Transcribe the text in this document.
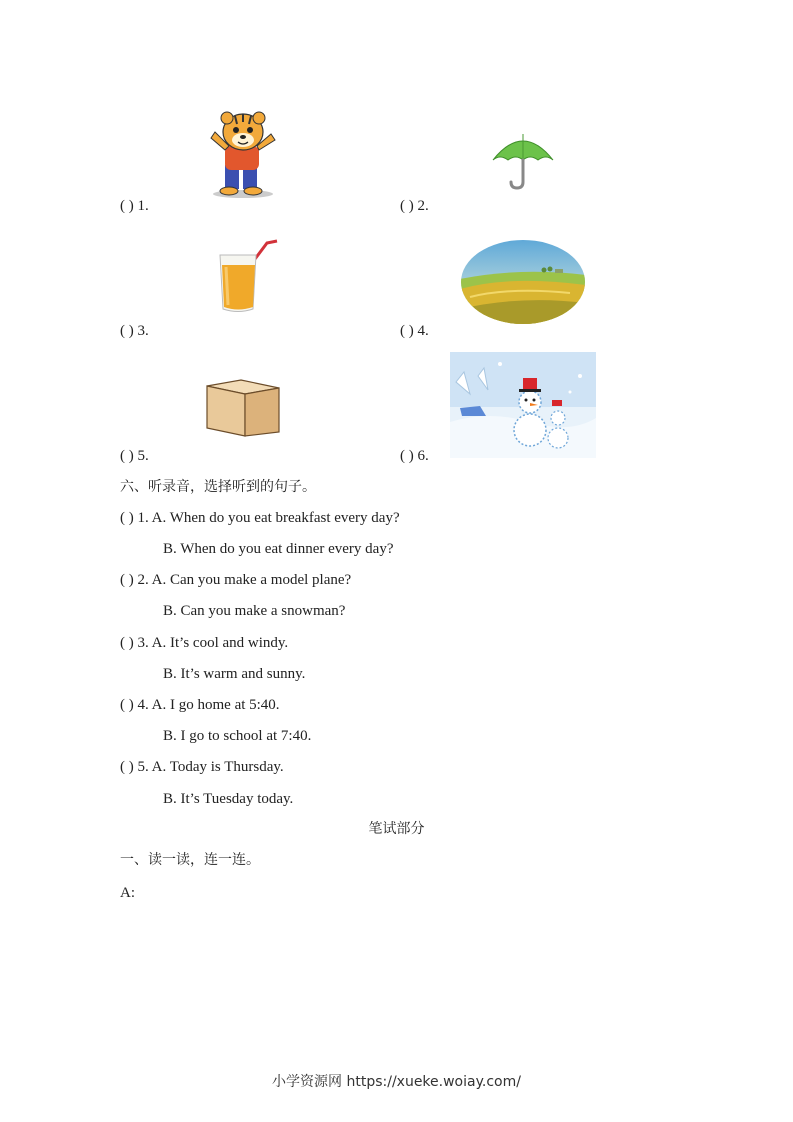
( ) 1.	( ) 2.
( ) 3.	( ) 4.
( ) 5.	( ) 6.
六、听录音，选择听到的句子。
( ) 1. A. When do you eat breakfast every day?
B. When do you eat dinner every day?
( ) 2. A. Can you make a model plane?
B. Can you make a snowman?
( ) 3. A. It’s cool and windy.
B. It’s warm and sunny.
( ) 4. A. I go home at 5:40.
B. I go to school at 7:40.
( ) 5. A. Today is Thursday.
B. It’s Tuesday today.
笔试部分
一、读一读，连一连。
A:
小学资源网 https://xueke.woiay.com/
